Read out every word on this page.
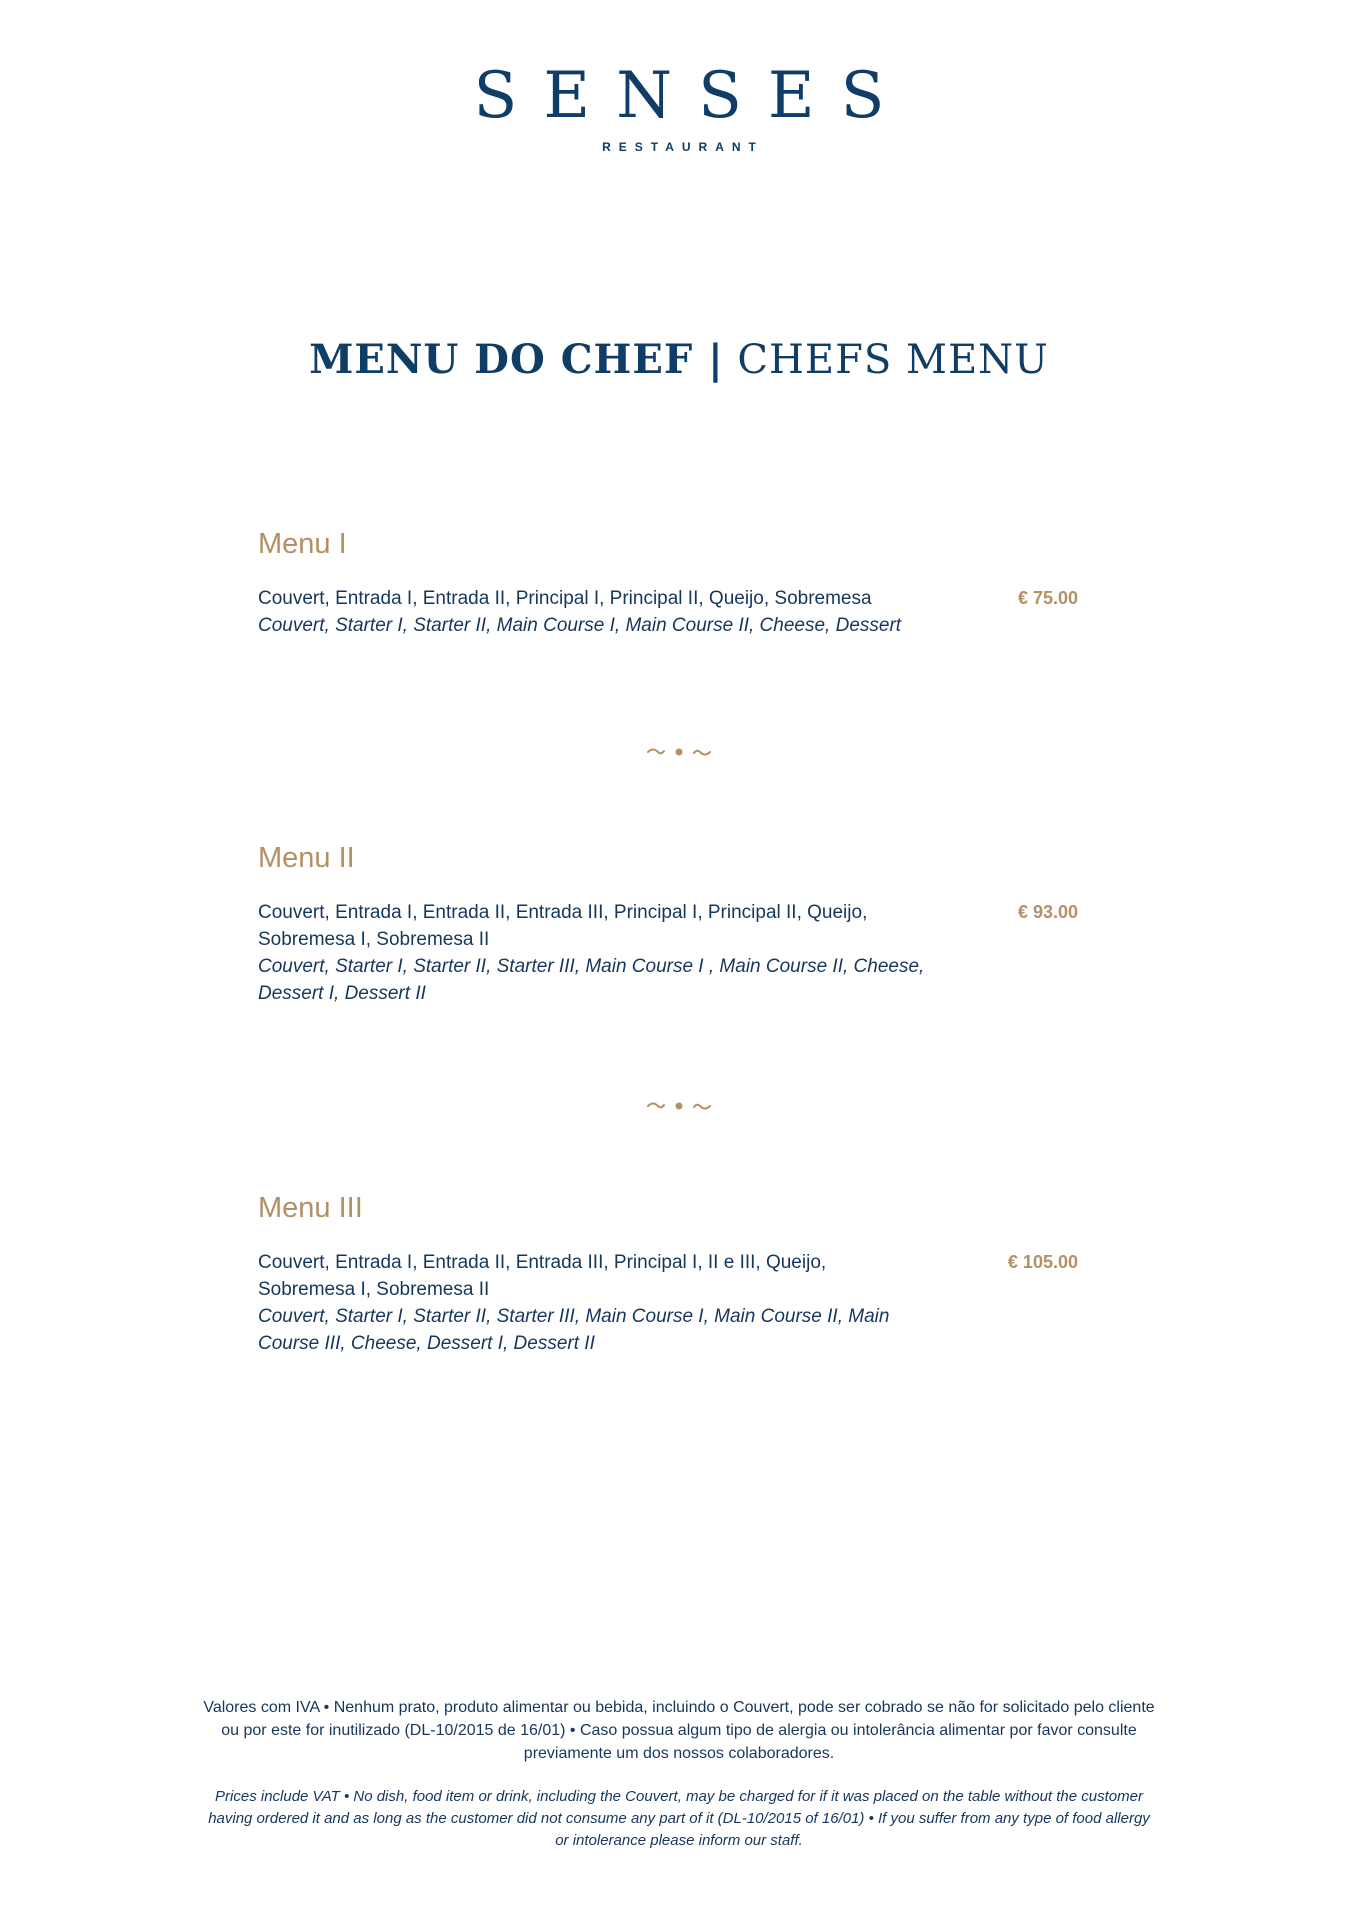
SENSES
RESTAURANT
MENU DO CHEF | CHEFS MENU
Menu I
Couvert, Entrada I, Entrada II, Principal I, Principal II, Queijo, Sobremesa
Couvert, Starter I, Starter II, Main Course I, Main Course II, Cheese, Dessert
€ 75.00
Menu II
Couvert, Entrada I, Entrada II, Entrada III, Principal I, Principal II, Queijo, Sobremesa I, Sobremesa II
Couvert, Starter I, Starter II, Starter III, Main Course I , Main Course II, Cheese, Dessert I, Dessert II
€ 93.00
Menu III
Couvert, Entrada I, Entrada II, Entrada III, Principal I, II e III, Queijo, Sobremesa I, Sobremesa II
Couvert, Starter I, Starter II, Starter III, Main Course I, Main Course II, Main Course III, Cheese, Dessert I, Dessert II
€ 105.00
Valores com IVA • Nenhum prato, produto alimentar ou bebida, incluindo o Couvert, pode ser cobrado se não for solicitado pelo cliente ou por este for inutilizado (DL-10/2015 de 16/01) • Caso possua algum tipo de alergia ou intolerância alimentar por favor consulte previamente um dos nossos colaboradores.
Prices include VAT • No dish, food item or drink, including the Couvert, may be charged for if it was placed on the table without the customer having ordered it and as long as the customer did not consume any part of it (DL-10/2015 of 16/01) • If you suffer from any type of food allergy or intolerance please inform our staff.
